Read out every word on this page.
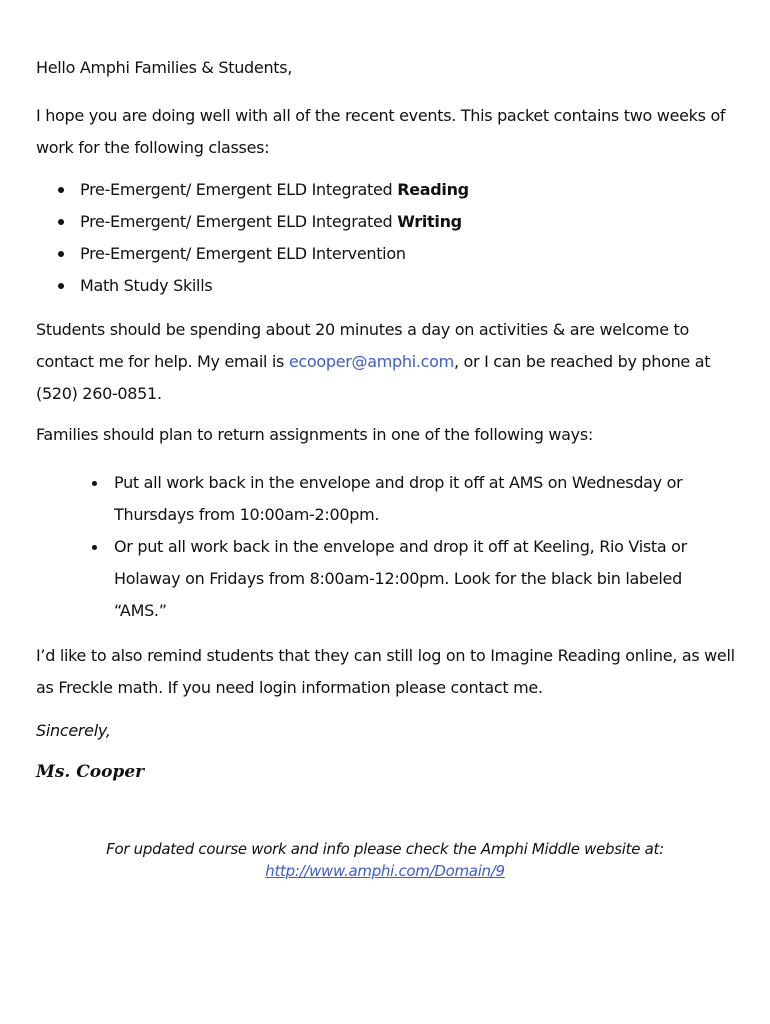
Hello Amphi Families & Students,
I hope you are doing well with all of the recent events. This packet contains two weeks of work for the following classes:
Pre-Emergent/ Emergent ELD Integrated Reading
Pre-Emergent/ Emergent ELD Integrated Writing
Pre-Emergent/ Emergent ELD Intervention
Math Study Skills
Students should be spending about 20 minutes a day on activities & are welcome to contact me for help. My email is ecooper@amphi.com, or I can be reached by phone at (520) 260-0851.
Families should plan to return assignments in one of the following ways:
Put all work back in the envelope and drop it off at AMS on Wednesday or Thursdays from 10:00am-2:00pm.
Or put all work back in the envelope and drop it off at Keeling, Rio Vista or Holaway on Fridays from 8:00am-12:00pm. Look for the black bin labeled “AMS.”
I’d like to also remind students that they can still log on to Imagine Reading online, as well as Freckle math. If you need login information please contact me.
Sincerely,
Ms. Cooper
For updated course work and info please check the Amphi Middle website at:
http://www.amphi.com/Domain/9
